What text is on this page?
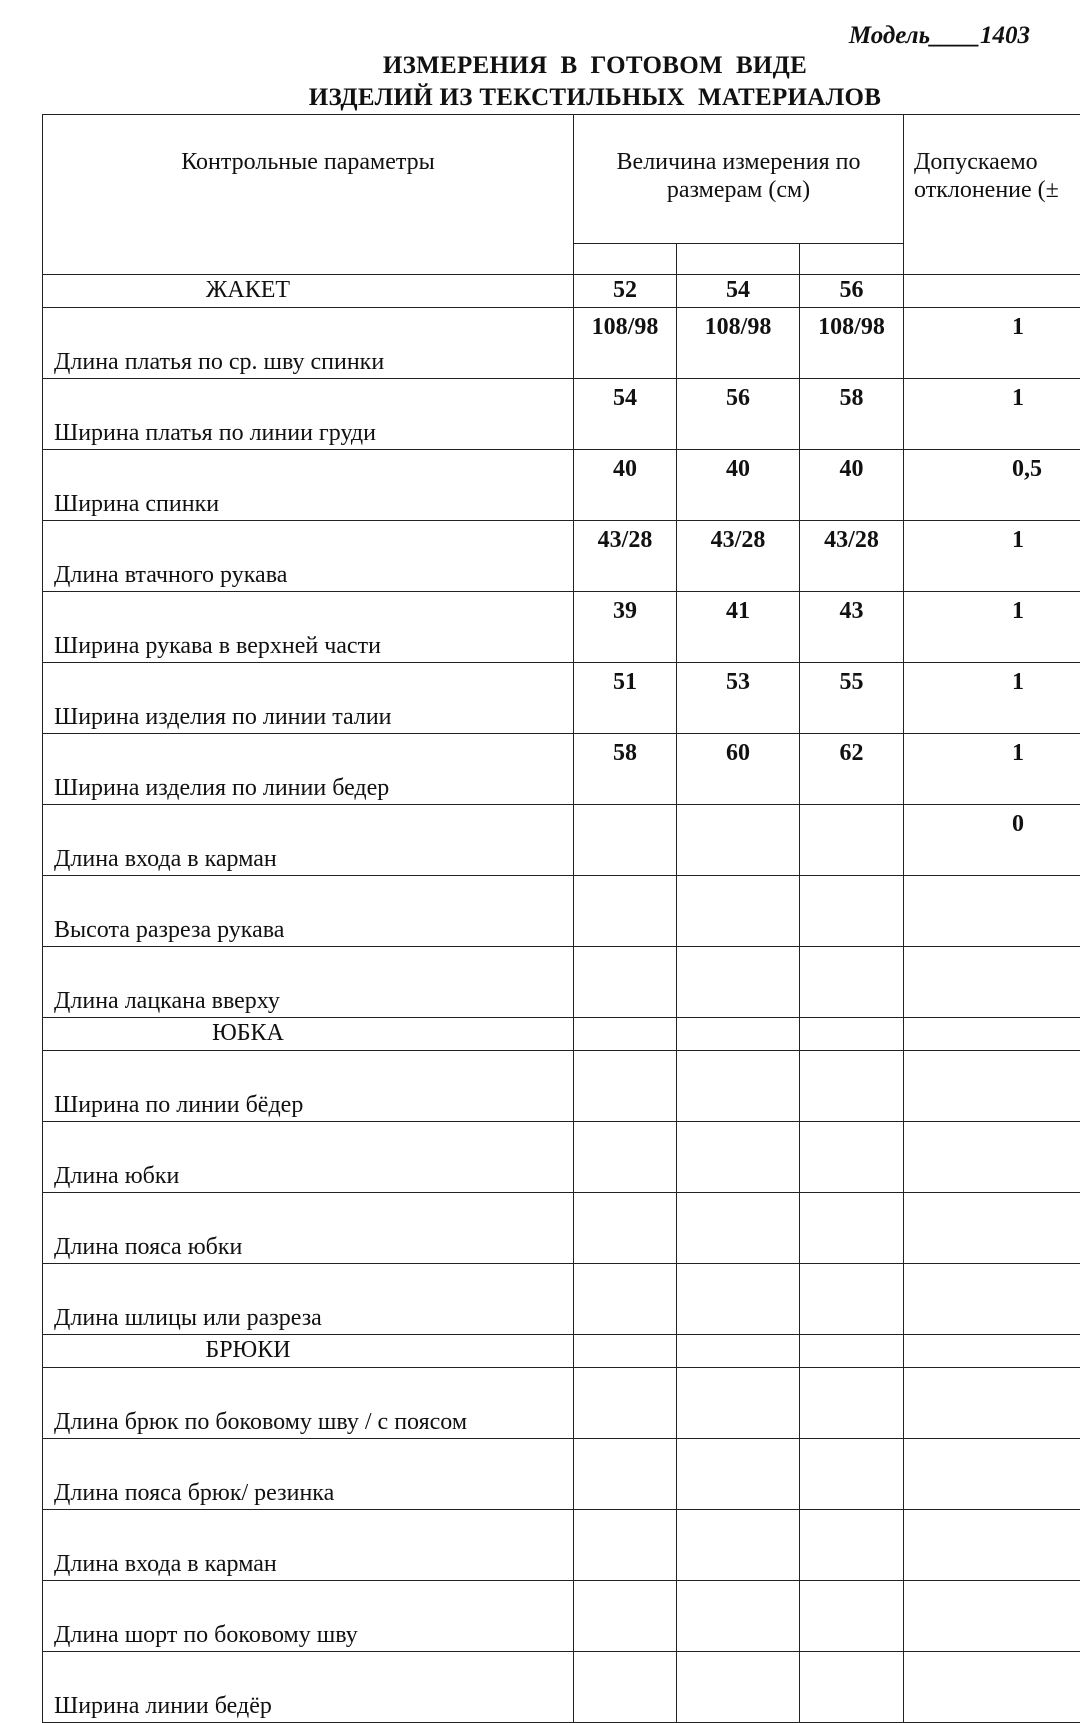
Модель____1403
ИЗМЕРЕНИЯ  В  ГОТОВОМ  ВИДЕ
ИЗДЕЛИЙ ИЗ ТЕКСТИЛЬНЫХ  МАТЕРИАЛОВ
Контрольные параметры	Величина измерения по размерам (см)			Допускаемо
отклонение (±

ЖАКЕТ	52	54	56	
Длина платья по ср. шву спинки	108/98	108/98	108/98	1
Ширина платья по линии груди	54	56	58	1
Ширина спинки	40	40	40	0,5
Длина втачного рукава	43/28	43/28	43/28	1
Ширина рукава в верхней части	39	41	43	1
Ширина изделия по линии талии	51	53	55	1
Ширина изделия по линии бедер	58	60	62	1
Длина входа в карман				0
Высота разреза рукава				
Длина лацкана вверху				
ЮБКА				
Ширина по линии бёдер				
Длина юбки				
Длина пояса юбки				
Длина шлицы или разреза				
БРЮКИ				
Длина брюк по боковому шву / с поясом				
Длина пояса брюк/ резинка				
Длина входа в карман				
Длина шорт по боковому шву				
Ширина линии бедёр				
